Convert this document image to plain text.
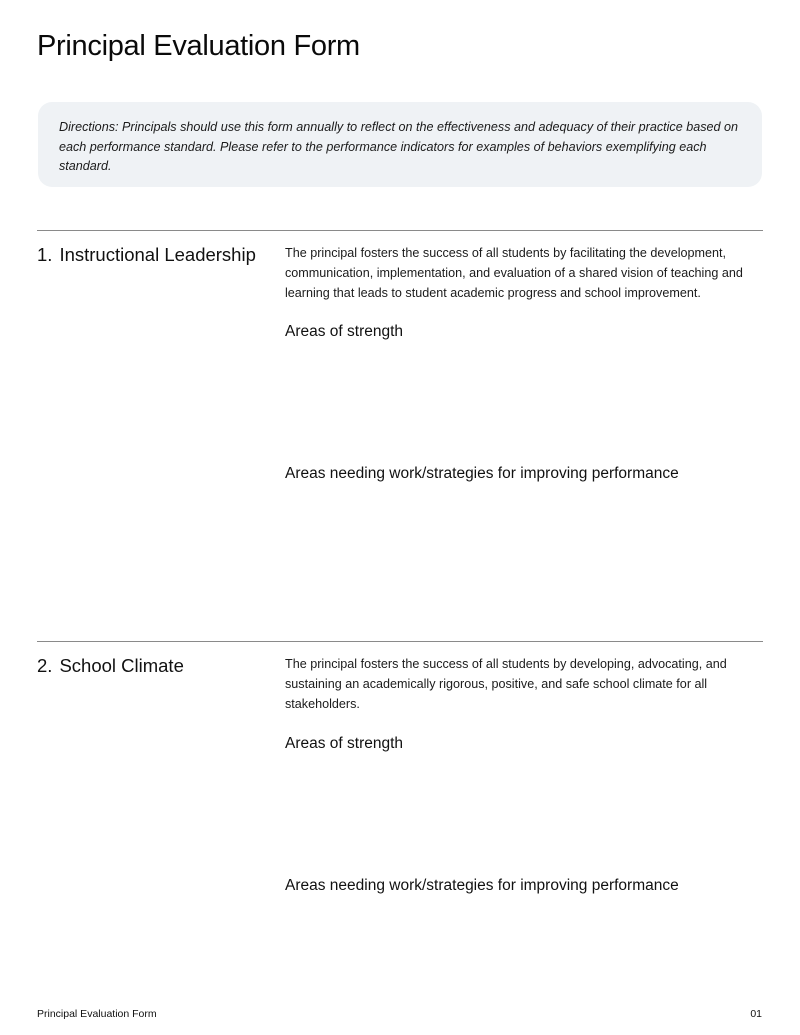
Principal Evaluation Form

Directions: Principals should use this form annually to reflect on the effectiveness and adequacy of their practice based on each performance standard. Please refer to the performance indicators for examples of behaviors exemplifying each standard.

1. Instructional Leadership The principal fosters the success of all students by facilitating the development, communication, implementation, and evaluation of a shared vision of teaching and learning that leads to student academic progress and school improvement.

Areas of strength
Areas needing work/strategies for improving performance
2. School Climate	The principal fosters the success of all students by developing, advocating, and sustaining an academically rigorous, positive, and safe school climate for all stakeholders.

Areas of strength
Areas needing work/strategies for improving performance
Principal Evaluation Form	01
